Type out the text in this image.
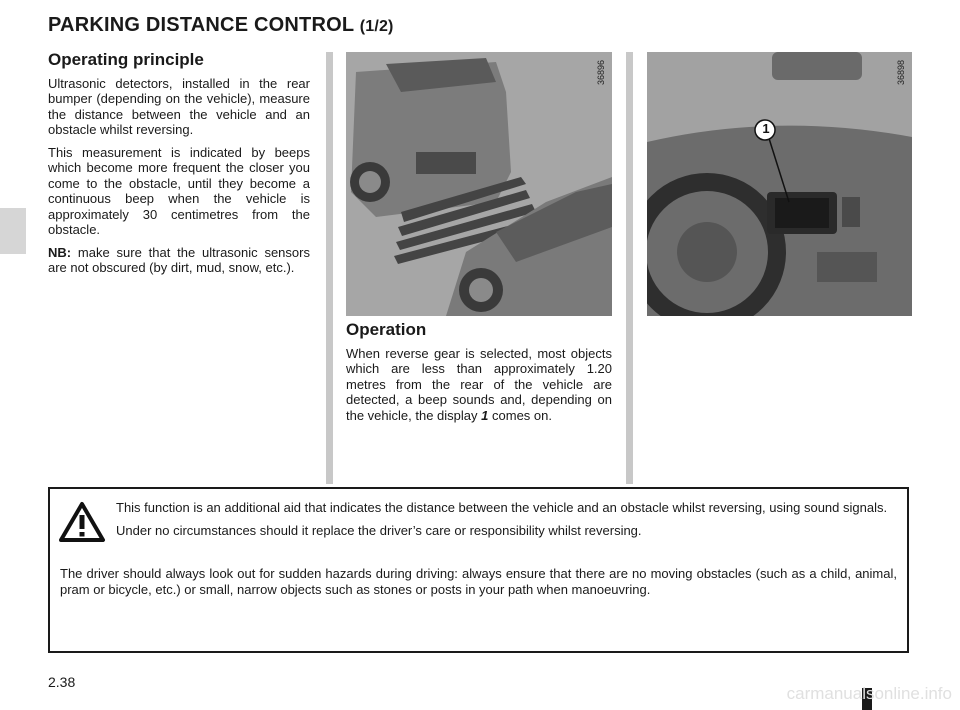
PARKING DISTANCE CONTROL (1/2)
Operating principle

Ultrasonic detectors, installed in the rear bumper (depending on the vehicle), measure the distance between the vehicle and an obstacle whilst reversing.

This measurement is indicated by beeps which become more frequent the closer you come to the obstacle, until they become a continuous beep when the vehicle is approximately 30 centimetres from the obstacle.

NB: make sure that the ultrasonic sensors are not obscured (by dirt, mud, snow, etc.).

36896
Operation

When reverse gear is selected, most objects which are less than approximately 1.20 metres from the rear of the vehicle are detected, a beep sounds and, depending on the vehicle, the display 1 comes on.

1
36898

This function is an additional aid that indicates the distance between the vehicle and an obstacle whilst reversing, using sound signals.

Under no circumstances should it replace the driver’s care or responsibility whilst reversing.

The driver should always look out for sudden hazards during driving: always ensure that there are no moving obstacles (such as a child, animal, pram or bicycle, etc.) or small, narrow objects such as stones or posts in your path when manoeuvring.
2.38
carmanualsonline.info
